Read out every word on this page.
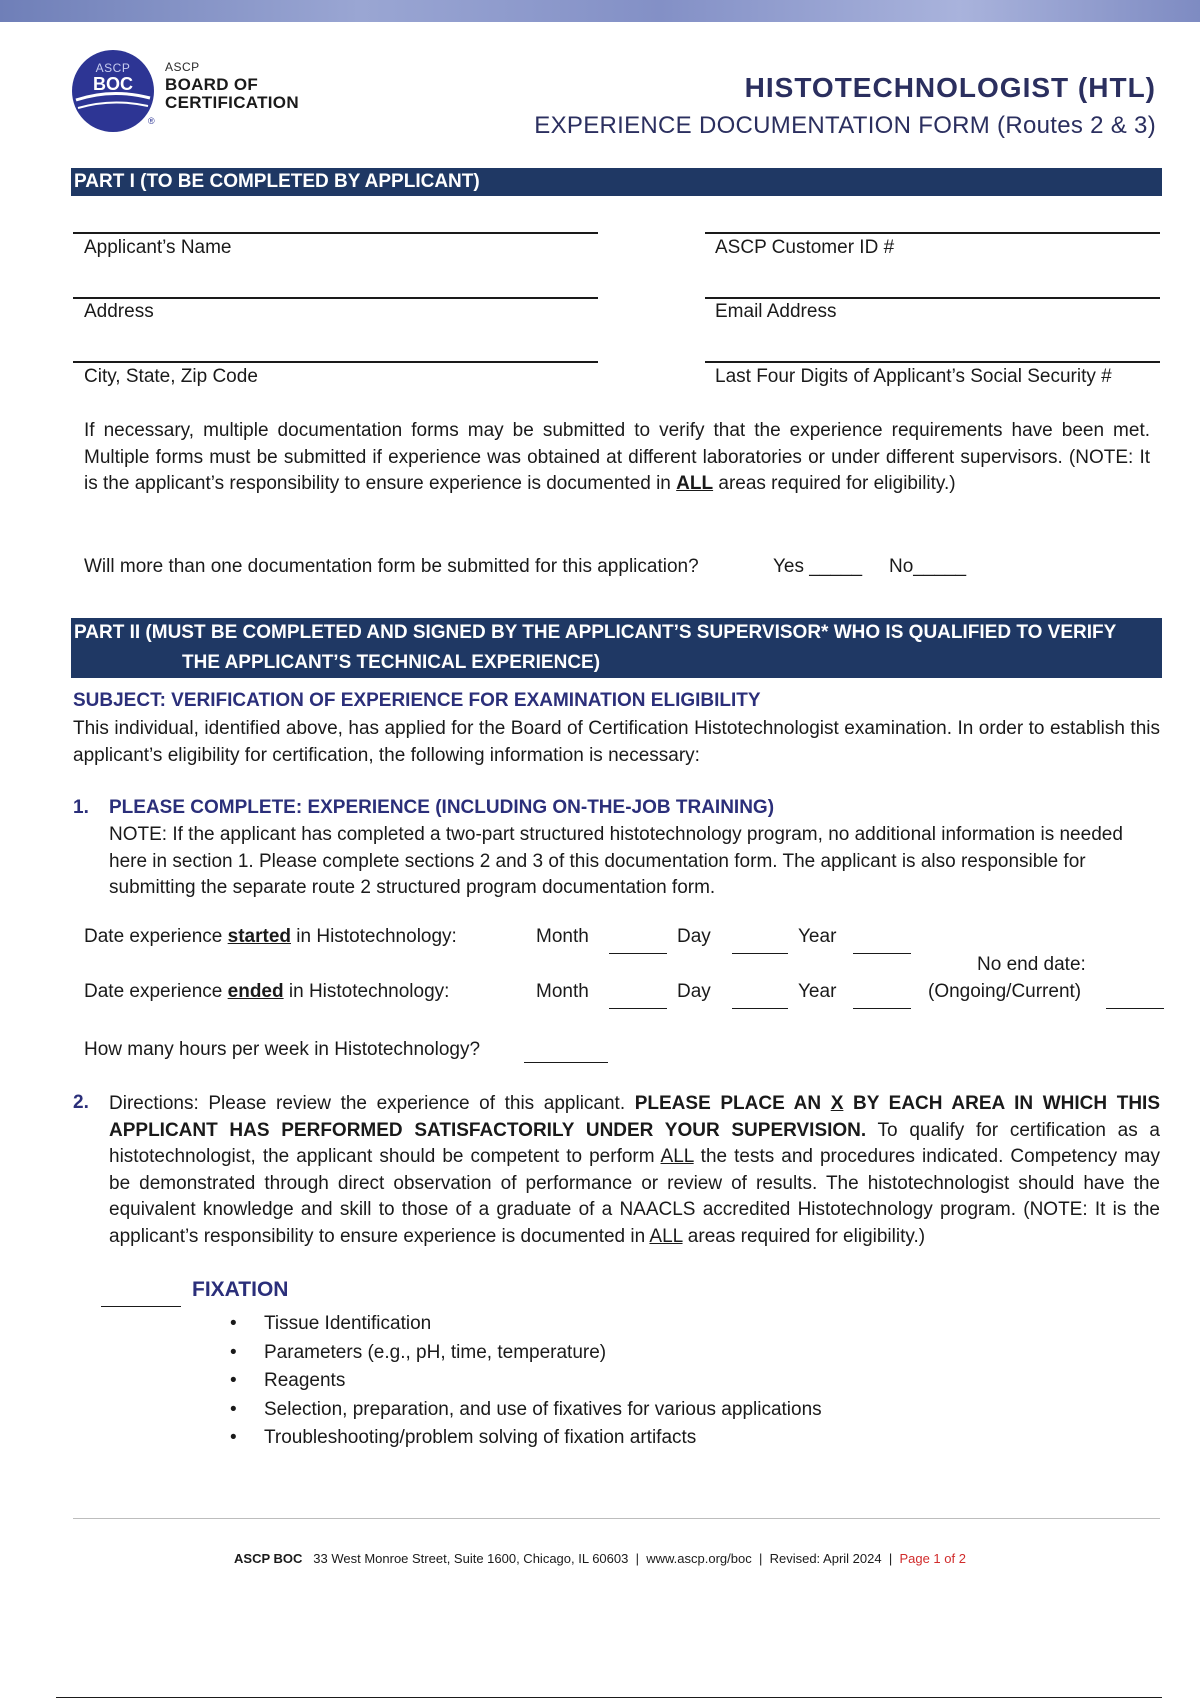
ASCP
BOC
®
ASCP
BOARD OF
CERTIFICATION	HISTOTECHNOLOGIST (HTL)
EXPERIENCE DOCUMENTATION FORM (Routes 2 & 3)
PART I (TO BE COMPLETED BY APPLICANT)
Applicant’s Name	ASCP Customer ID #
Address	Email Address
City, State, Zip Code	Last Four Digits of Applicant’s Social Security #
If necessary, multiple documentation forms may be submitted to verify that the experience requirements have been met. Multiple forms must be submitted if experience was obtained at different laboratories or under different supervisors. (NOTE: It is the applicant’s responsibility to ensure experience is documented in ALL areas required for eligibility.)
Will more than one documentation form be submitted for this application?	Yes _____ No_____
PART II (MUST BE COMPLETED AND SIGNED BY THE APPLICANT’S SUPERVISOR* WHO IS QUALIFIED TO VERIFY
THE APPLICANT’S TECHNICAL EXPERIENCE)
SUBJECT: VERIFICATION OF EXPERIENCE FOR EXAMINATION ELIGIBILITY
This individual, identified above, has applied for the Board of Certification Histotechnologist examination. In order to establish this applicant’s eligibility for certification, the following information is necessary:
1. PLEASE COMPLETE: EXPERIENCE (INCLUDING ON-THE-JOB TRAINING)
NOTE: If the applicant has completed a two-part structured histotechnology program, no additional information is needed here in section 1. Please complete sections 2 and 3 of this documentation form. The applicant is also responsible for submitting the separate route 2 structured program documentation form.
Date experience started in Histotechnology:	Month	Day	Year
No end date:
Date experience ended in Histotechnology:	Month	Day	Year	(Ongoing/Current)
How many hours per week in Histotechnology?
2. Directions: Please review the experience of this applicant. PLEASE PLACE AN X BY EACH AREA IN WHICH THIS APPLICANT HAS PERFORMED SATISFACTORILY UNDER YOUR SUPERVISION. To qualify for certification as a histotechnologist, the applicant should be competent to perform ALL the tests and procedures indicated. Competency may be demonstrated through direct observation of performance or review of results. The histotechnologist should have the equivalent knowledge and skill to those of a graduate of a NAACLS accredited Histotechnology program. (NOTE: It is the applicant’s responsibility to ensure experience is documented in ALL areas required for eligibility.)
FIXATION
• Tissue Identification
• Parameters (e.g., pH, time, temperature)
• Reagents
• Selection, preparation, and use of fixatives for various applications
• Troubleshooting/problem solving of fixation artifacts
ASCP BOC 33 West Monroe Street, Suite 1600, Chicago, IL 60603 | www.ascp.org/boc | Revised: April 2024 | Page 1 of 2
